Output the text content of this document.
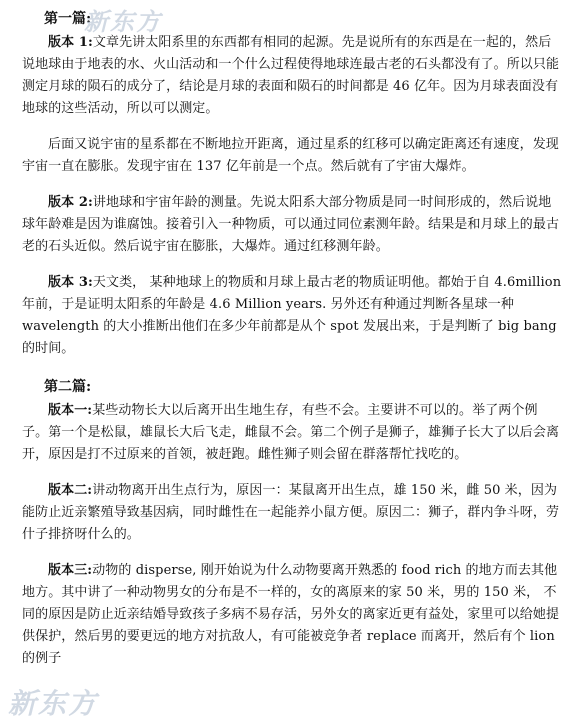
新东方
第一篇:

版本 1:文章先讲太阳系里的东西都有相同的起源。先是说所有的东西是在一起的，然后说地球由于地表的水、火山活动和一个什么过程使得地球连最古老的石头都没有了。所以只能测定月球的陨石的成分了，结论是月球的表面和陨石的时间都是 46 亿年。因为月球表面没有地球的这些活动，所以可以测定。

后面又说宇宙的星系都在不断地拉开距离，通过星系的红移可以确定距离还有速度，发现宇宙一直在膨胀。发现宇宙在 137 亿年前是一个点。然后就有了宇宙大爆炸。

版本 2:讲地球和宇宙年龄的测量。先说太阳系大部分物质是同一时间形成的，然后说地球年龄难是因为谁腐蚀。接着引入一种物质，可以通过同位素测年龄。结果是和月球上的最古老的石头近似。然后说宇宙在膨胀，大爆炸。通过红移测年龄。

版本 3:天文类， 某种地球上的物质和月球上最古老的物质证明他。都始于自 4.6million 年前，于是证明太阳系的年龄是 4.6 Million years. 另外还有种通过判断各星球一种 wavelength 的大小推断出他们在多少年前都是从个 spot 发展出来，于是判断了 big bang 的时间。

第二篇:

版本一:某些动物长大以后离开出生地生存，有些不会。主要讲不可以的。举了两个例子。第一个是松鼠，雄鼠长大后飞走，雌鼠不会。第二个例子是狮子，雄狮子长大了以后会离开，原因是打不过原来的首领，被赶跑。雌性狮子则会留在群落帮忙找吃的。

版本二:讲动物离开出生点行为，原因一：某鼠离开出生点，雄 150 米，雌 50 米，因为能防止近亲繁殖导致基因病，同时雌性在一起能养小鼠方便。原因二：狮子，群内争斗呀，劳什子排挤呀什么的。

版本三:动物的 disperse, 刚开始说为什么动物要离开熟悉的 food rich 的地方而去其他地方。其中讲了一种动物男女的分布是不一样的，女的离原来的家 50 米，男的 150 米， 不同的原因是防止近亲结婚导致孩子多病不易存活，另外女的离家近更有益处，家里可以给她提供保护，然后男的要更远的地方对抗敌人，有可能被竞争者 replace 而离开，然后有个 lion 的例子

新东方
